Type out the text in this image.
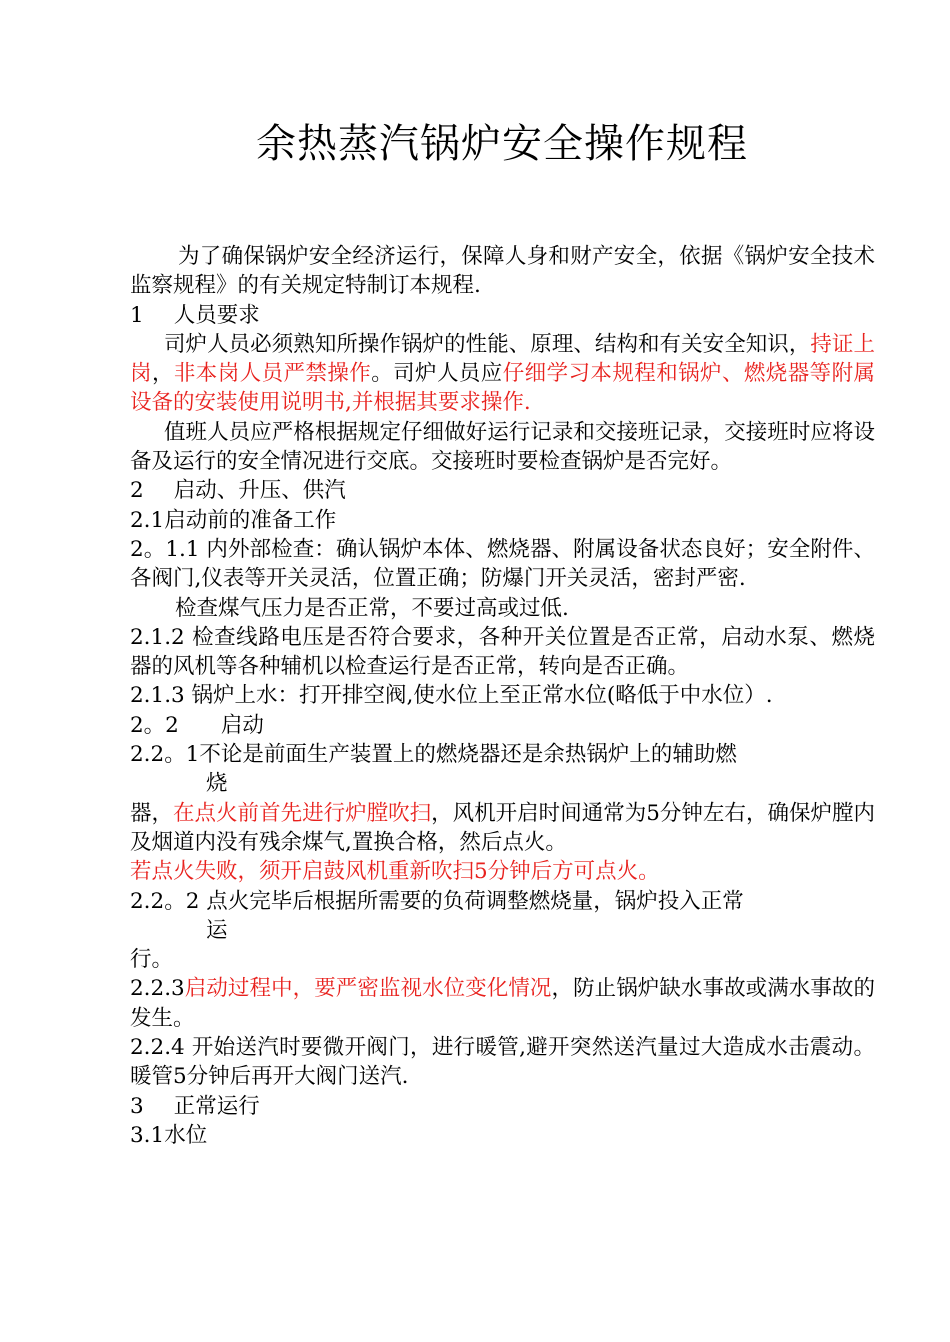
余热蒸汽锅炉安全操作规程

为了确保锅炉安全经济运行，保障人身和财产安全，依据《锅炉安全技术监察规程》的有关规定特制订本规程.

1 人员要求

司炉人员必须熟知所操作锅炉的性能、原理、结构和有关安全知识，持证上岗，非本岗人员严禁操作。司炉人员应仔细学习本规程和锅炉、燃烧器等附属设备的安装使用说明书,并根据其要求操作.

值班人员应严格根据规定仔细做好运行记录和交接班记录，交接班时应将设备及运行的安全情况进行交底。交接班时要检查锅炉是否完好。

2 启动、升压、供汽

2.1启动前的准备工作

2。1.1 内外部检查：确认锅炉本体、燃烧器、附属设备状态良好；安全附件、各阀门,仪表等开关灵活，位置正确；防爆门开关灵活，密封严密.

检查煤气压力是否正常，不要过高或过低.

2.1.2 检查线路电压是否符合要求，各种开关位置是否正常，启动水泵、燃烧器的风机等各种辅机以检查运行是否正常，转向是否正确。

2.1.3 锅炉上水：打开排空阀,使水位上至正常水位(略低于中水位）.

2。2 启动

2.2。1不论是前面生产装置上的燃烧器还是余热锅炉上的辅助燃

烧

器，在点火前首先进行炉膛吹扫，风机开启时间通常为5分钟左右，确保炉膛内及烟道内没有残余煤气,置换合格，然后点火。

若点火失败，须开启鼓风机重新吹扫5分钟后方可点火。

2.2。2 点火完毕后根据所需要的负荷调整燃烧量，锅炉投入正常

运

行。

2.2.3启动过程中，要严密监视水位变化情况，防止锅炉缺水事故或满水事故的发生。

2.2.4 开始送汽时要微开阀门，进行暖管,避开突然送汽量过大造成水击震动。暖管5分钟后再开大阀门送汽.

3 正常运行

3.1水位
